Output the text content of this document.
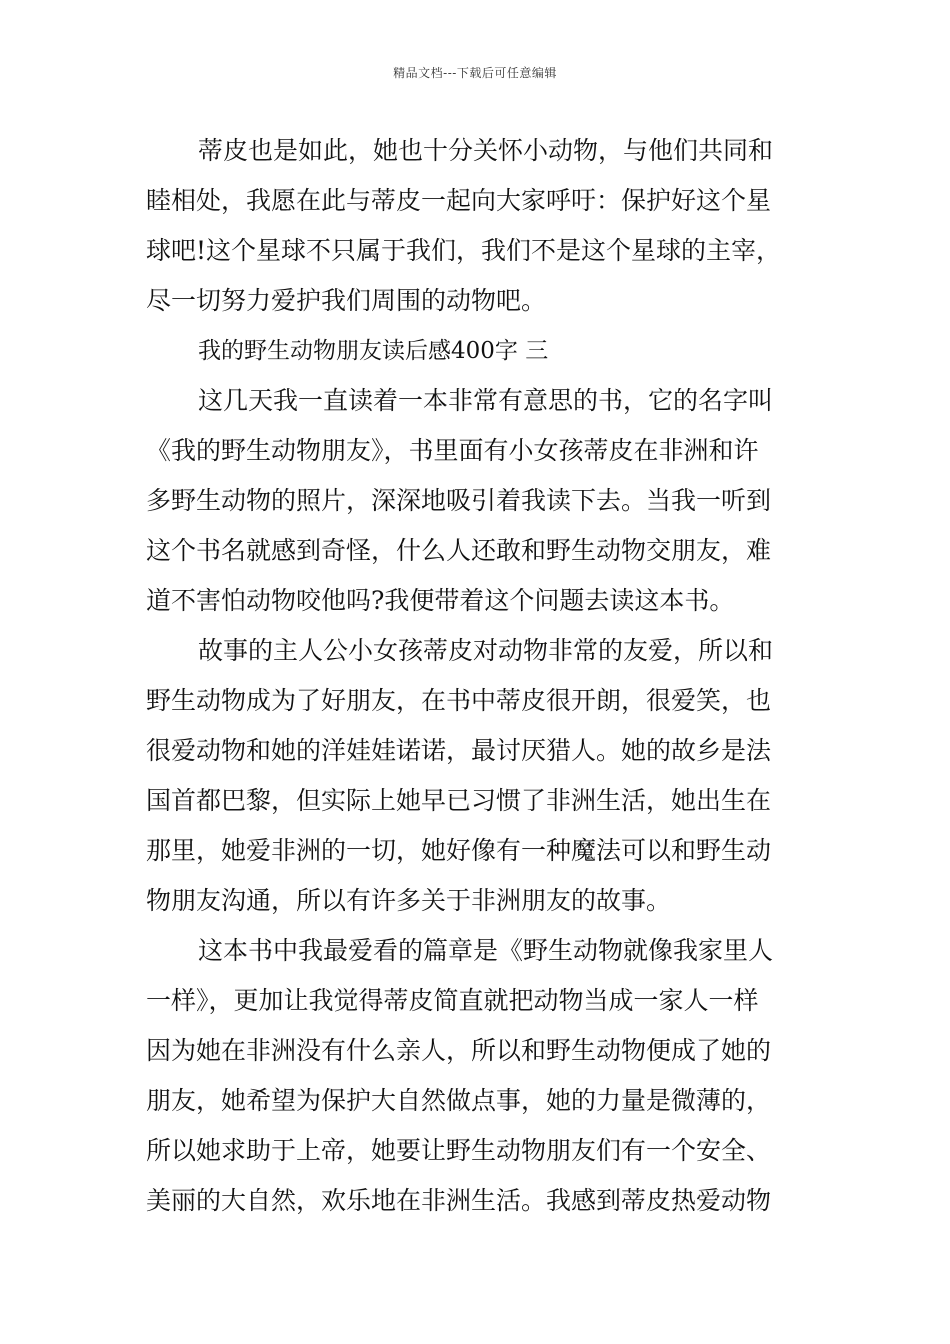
精品文档---下载后可任意编辑
蒂皮也是如此，她也十分关怀小动物，与他们共同和
睦相处，我愿在此与蒂皮一起向大家呼吁：保护好这个星
球吧!这个星球不只属于我们，我们不是这个星球的主宰，
尽一切努力爱护我们周围的动物吧。
我的野生动物朋友读后感400字 三
这几天我一直读着一本非常有意思的书，它的名字叫
《我的野生动物朋友》，书里面有小女孩蒂皮在非洲和许
多野生动物的照片，深深地吸引着我读下去。当我一听到
这个书名就感到奇怪，什么人还敢和野生动物交朋友，难
道不害怕动物咬他吗?我便带着这个问题去读这本书。
故事的主人公小女孩蒂皮对动物非常的友爱，所以和
野生动物成为了好朋友，在书中蒂皮很开朗，很爱笑，也
很爱动物和她的洋娃娃诺诺，最讨厌猎人。她的故乡是法
国首都巴黎，但实际上她早已习惯了非洲生活，她出生在
那里，她爱非洲的一切，她好像有一种魔法可以和野生动
物朋友沟通，所以有许多关于非洲朋友的故事。
这本书中我最爱看的篇章是《野生动物就像我家里人
一样》，更加让我觉得蒂皮简直就把动物当成一家人一样
因为她在非洲没有什么亲人，所以和野生动物便成了她的
朋友，她希望为保护大自然做点事，她的力量是微薄的，
所以她求助于上帝，她要让野生动物朋友们有一个安全、
美丽的大自然，欢乐地在非洲生活。我感到蒂皮热爱动物
